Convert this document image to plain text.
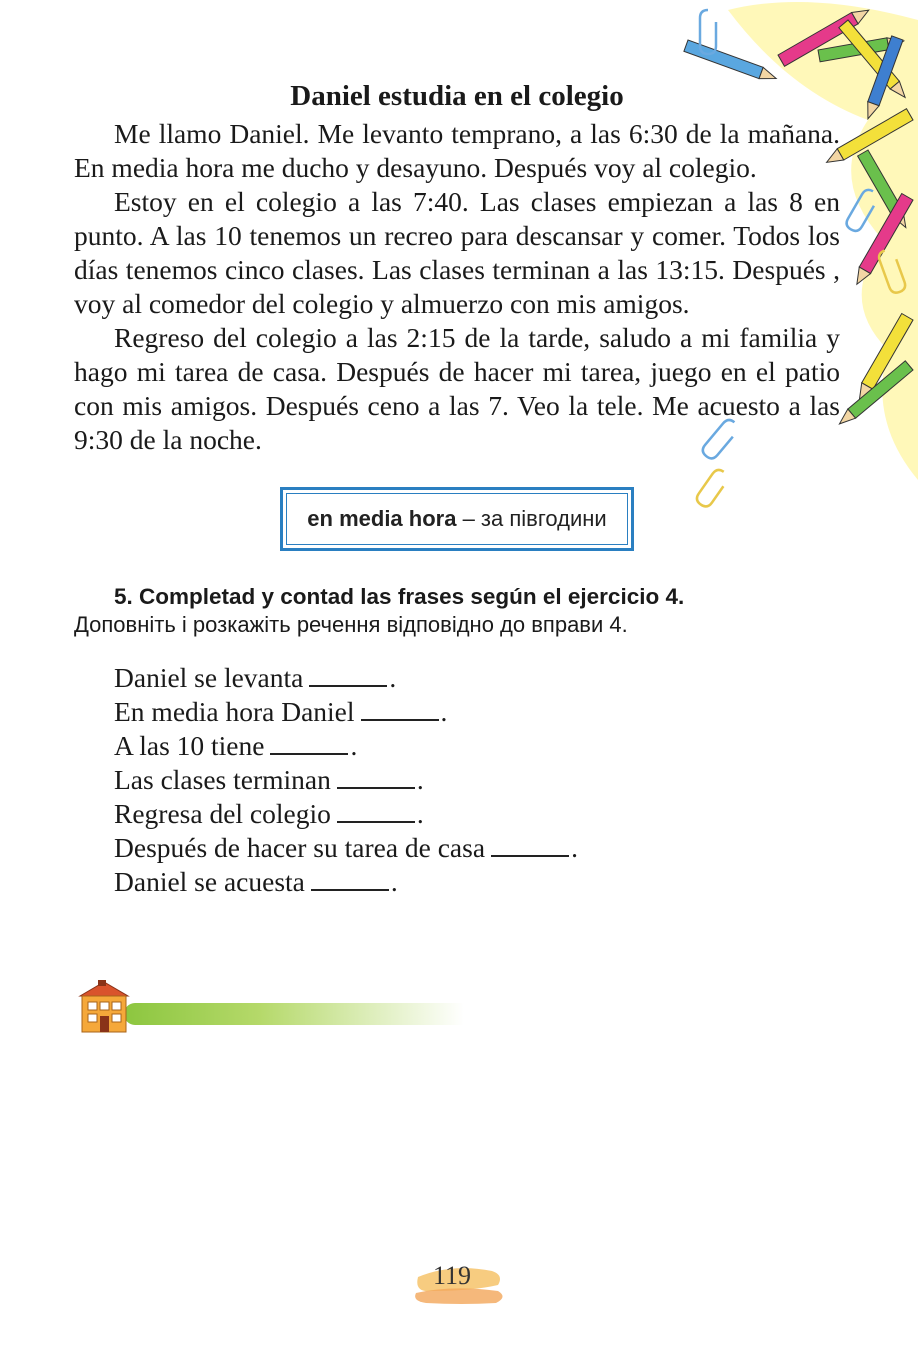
Daniel estudia en el colegio

Me llamo Daniel. Me levanto temprano, a las 6:30 de la mañana. En media hora me ducho y desayuno. Después voy al colegio.

Estoy en el colegio a las 7:40. Las clases empiezan a las 8 en punto. A las 10 tenemos un recreo para descansar y comer. Todos los días tenemos cinco clases. Las clases terminan a las 13:15. Después , voy al comedor del colegio y almuerzo con mis amigos.

Regreso del colegio a las 2:15 de la tarde, saludo a mi familia y hago mi tarea de casa. Después de hacer mi tarea, juego en el patio con mis amigos. Después ceno a las 7. Veo la tele. Me acuesto a las 9:30 de la noche.

en media hora – за півгодини

5. Completad y contad las frases según el ejercicio 4.

Доповніть і розкажіть речення відповідно до вправи 4.

Daniel se levanta	.
En media hora Daniel	.
A las 10 tiene	.
Las clases terminan	.
Regresa del colegio	.
Después de hacer su tarea de casa	.
Daniel se acuesta	.
119
